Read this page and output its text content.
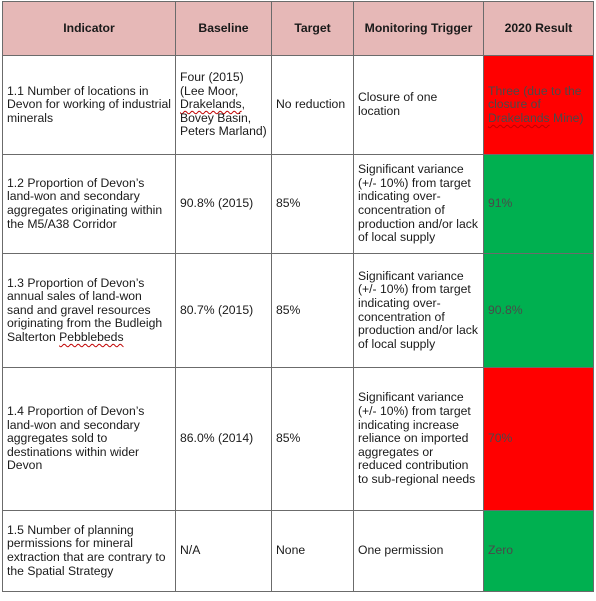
Indicator	Baseline	Target	Monitoring Trigger	2020 Result
1.1 Number of locations in Devon for working of industrial minerals	Four (2015) (Lee Moor, Drakelands, Bovey Basin, Peters Marland)	No reduction	Closure of one location	Three (due to the closure of Drakelands Mine)
1.2 Proportion of Devon’s land-won and secondary aggregates originating within the M5/A38 Corridor	90.8% (2015)	85%	Significant variance (+/- 10%) from target indicating over-concentration of production and/or lack of local supply	91%
1.3 Proportion of Devon’s annual sales of land-won sand and gravel resources originating from the Budleigh Salterton Pebblebeds	80.7% (2015)	85%	Significant variance (+/- 10%) from target indicating over-concentration of production and/or lack of local supply	90.8%
1.4 Proportion of Devon’s land-won and secondary aggregates sold to destinations within wider Devon	86.0% (2014)	85%	Significant variance (+/- 10%) from target indicating increase reliance on imported aggregates or reduced contribution to sub-regional needs	70%
1.5 Number of planning permissions for mineral extraction that are contrary to the Spatial Strategy	N/A	None	One permission	Zero
